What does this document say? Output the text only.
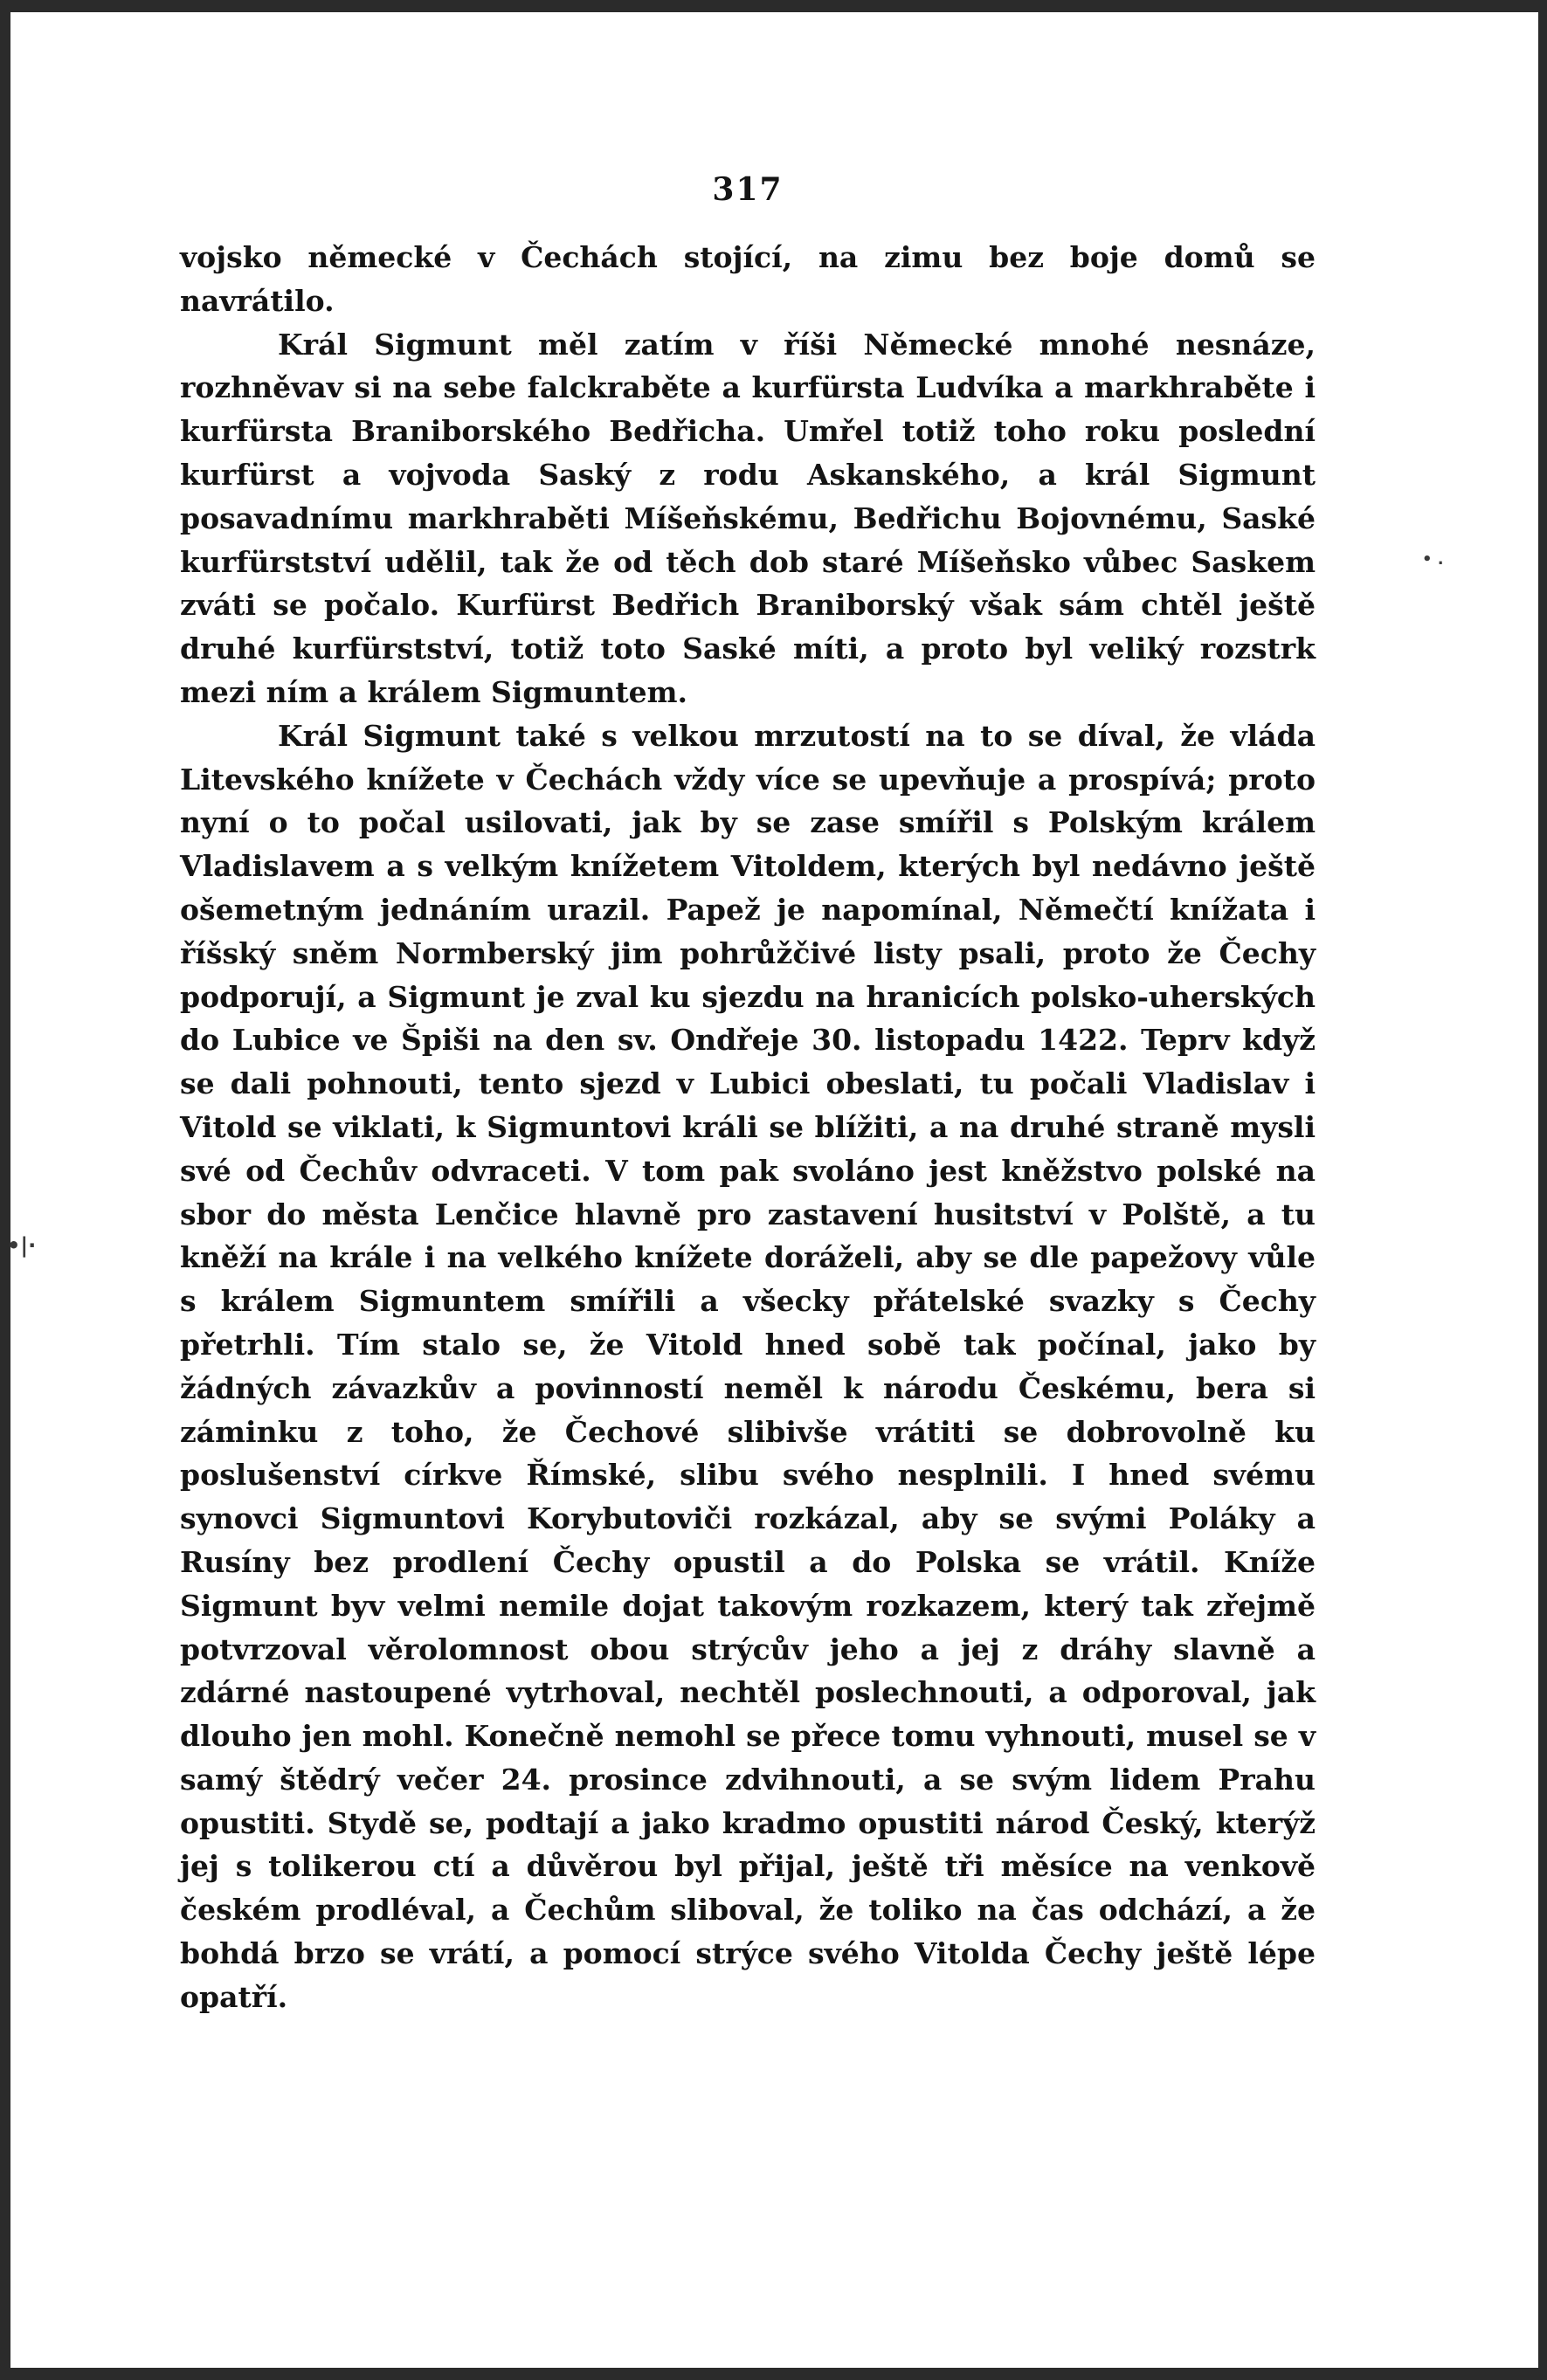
317

vojsko německé v Čechách stojící, na zimu bez boje domů se navrátilo.

Král Sigmunt měl zatím v říši Německé mnohé nesnáze, rozhněvav si na sebe falckraběte a kurfürsta Ludvíka a markhraběte i kurfürsta Braniborského Bedřicha. Umřel totiž toho roku poslední kurfürst a vojvoda Saský z rodu Askanského, a král Sigmunt posavadnímu markhraběti Míšeňskému, Bedřichu Bojovnému, Saské kurfürstství udělil, tak že od těch dob staré Míšeňsko vůbec Saskem zváti se počalo. Kurfürst Bedřich Braniborský však sám chtěl ještě druhé kurfürstství, totiž toto Saské míti, a proto byl veliký rozstrk mezi ním a králem Sigmuntem.

Král Sigmunt také s velkou mrzutostí na to se díval, že vláda Litevského knížete v Čechách vždy více se upevňuje a prospívá; proto nyní o to počal usilovati, jak by se zase smířil s Polským králem Vladislavem a s velkým knížetem Vitoldem, kterých byl nedávno ještě ošemetným jednáním urazil. Papež je napomínal, Němečtí knížata i říšský sněm Normberský jim pohrůžčivé listy psali, proto že Čechy podporují, a Sigmunt je zval ku sjezdu na hranicích polsko-uherských do Lubice ve Špiši na den sv. Ondřeje 30. listopadu 1422. Teprv když se dali pohnouti, tento sjezd v Lubici obeslati, tu počali Vladislav i Vitold se viklati, k Sigmuntovi králi se blížiti, a na druhé straně mysli své od Čechův odvraceti. V tom pak svoláno jest kněžstvo polské na sbor do města Lenčice hlavně pro zastavení husitství v Polště, a tu kněží na krále i na velkého knížete doráželi, aby se dle papežovy vůle s králem Sigmuntem smířili a všecky přátelské svazky s Čechy přetrhli. Tím stalo se, že Vitold hned sobě tak počínal, jako by žádných závazkův a povinností neměl k národu Českému, bera si záminku z toho, že Čechové slibivše vrátiti se dobrovolně ku poslušenství církve Římské, slibu svého nesplnili. I hned svému synovci Sigmuntovi Korybutoviči rozkázal, aby se svými Poláky a Rusíny bez prodlení Čechy opustil a do Polska se vrátil. Kníže Sigmunt byv velmi nemile dojat takovým rozkazem, který tak zřejmě potvrzoval věrolomnost obou strýcův jeho a jej z dráhy slavně a zdárné nastoupené vytrhoval, nechtěl poslechnouti, a odporoval, jak dlouho jen mohl. Konečně nemohl se přece tomu vyhnouti, musel se v samý štědrý večer 24. prosince zdvihnouti, a se svým lidem Prahu opustiti. Stydě se, podtají a jako kradmo opustiti národ Český, kterýž jej s tolikerou ctí a důvěrou byl přijal, ještě tři měsíce na venkově českém prodléval, a Čechům sliboval, že toliko na čas odchází, a že bohdá brzo se vrátí, a pomocí strýce svého Vitolda Čechy ještě lépe opatří.

•|·
• .
